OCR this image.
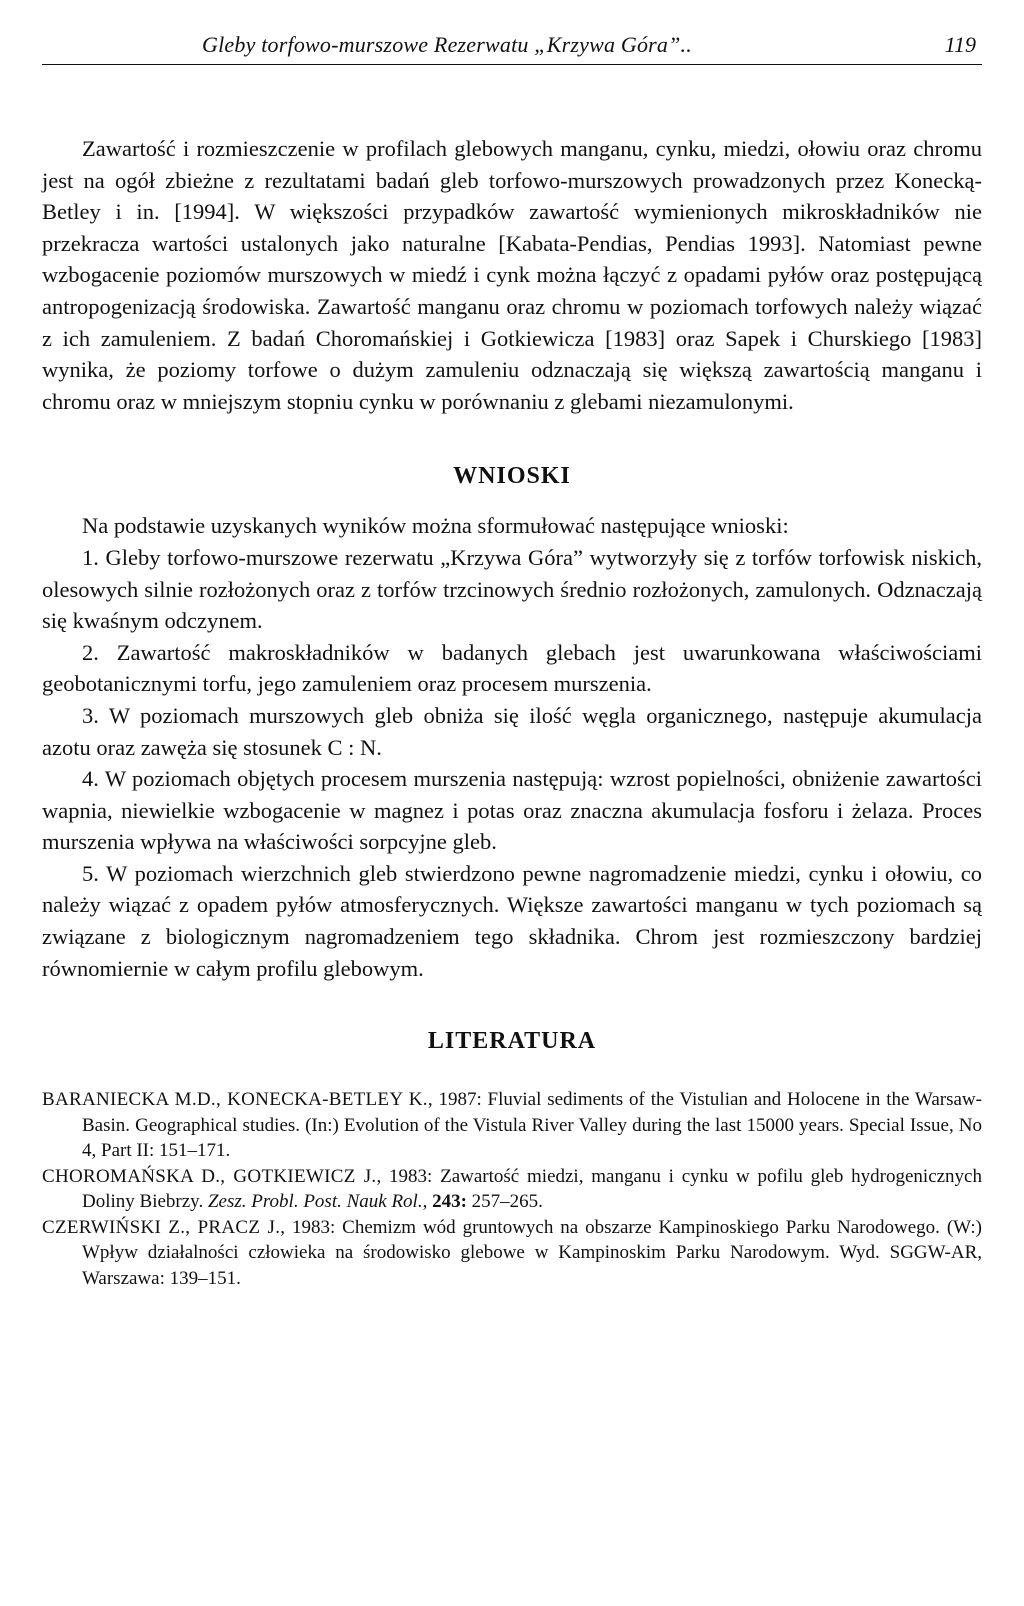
Gleby torfowo-murszowe Rezerwatu „Krzywa Góra”..	119

Zawartość i rozmieszczenie w profilach glebowych manganu, cynku, miedzi, ołowiu oraz chromu jest na ogół zbieżne z rezultatami badań gleb torfowo-murszowych prowadzonych przez Konecką-Betley i in. [1994]. W większości przypadków zawartość wymienionych mikroskładników nie przekracza wartości ustalonych jako naturalne [Kabata-Pendias, Pendias 1993]. Natomiast pewne wzbogacenie poziomów murszowych w miedź i cynk można łączyć z opadami pyłów oraz postępującą antropogenizacją środowiska. Zawartość manganu oraz chromu w poziomach torfowych należy wiązać z ich zamuleniem. Z badań Choromańskiej i Gotkiewicza [1983] oraz Sapek i Churskiego [1983] wynika, że poziomy torfowe o dużym zamuleniu odznaczają się większą zawartością manganu i chromu oraz w mniejszym stopniu cynku w porównaniu z glebami niezamulonymi.

WNIOSKI

Na podstawie uzyskanych wyników można sformułować następujące wnioski:

1. Gleby torfowo-murszowe rezerwatu „Krzywa Góra” wytworzyły się z torfów torfowisk niskich, olesowych silnie rozłożonych oraz z torfów trzcinowych średnio rozłożonych, zamulonych. Odznaczają się kwaśnym odczynem.

2. Zawartość makroskładników w badanych glebach jest uwarunkowana właściwościami geobotanicznymi torfu, jego zamuleniem oraz procesem murszenia.

3. W poziomach murszowych gleb obniża się ilość węgla organicznego, następuje akumulacja azotu oraz zawęża się stosunek C : N.

4. W poziomach objętych procesem murszenia następują: wzrost popielności, obniżenie zawartości wapnia, niewielkie wzbogacenie w magnez i potas oraz znaczna akumulacja fosforu i żelaza. Proces murszenia wpływa na właściwości sorpcyjne gleb.

5. W poziomach wierzchnich gleb stwierdzono pewne nagromadzenie miedzi, cynku i ołowiu, co należy wiązać z opadem pyłów atmosferycznych. Większe zawartości manganu w tych poziomach są związane z biologicznym nagromadzeniem tego składnika. Chrom jest rozmieszczony bardziej równomiernie w całym profilu glebowym.

LITERATURA

BARANIECKA M.D., KONECKA-BETLEY K., 1987: Fluvial sediments of the Vistulian and Holocene in the Warsaw-Basin. Geographical studies. (In:) Evolution of the Vistula River Valley during the last 15000 years. Special Issue, No 4, Part II: 151–171.

CHOROMAŃSKA D., GOTKIEWICZ J., 1983: Zawartość miedzi, manganu i cynku w pofilu gleb hydrogenicznych Doliny Biebrzy. Zesz. Probl. Post. Nauk Rol., 243: 257–265.

CZERWIŃSKI Z., PRACZ J., 1983: Chemizm wód gruntowych na obszarze Kampinoskiego Parku Narodowego. (W:) Wpływ działalności człowieka na środowisko glebowe w Kampinoskim Parku Narodowym. Wyd. SGGW-AR, Warszawa: 139–151.
